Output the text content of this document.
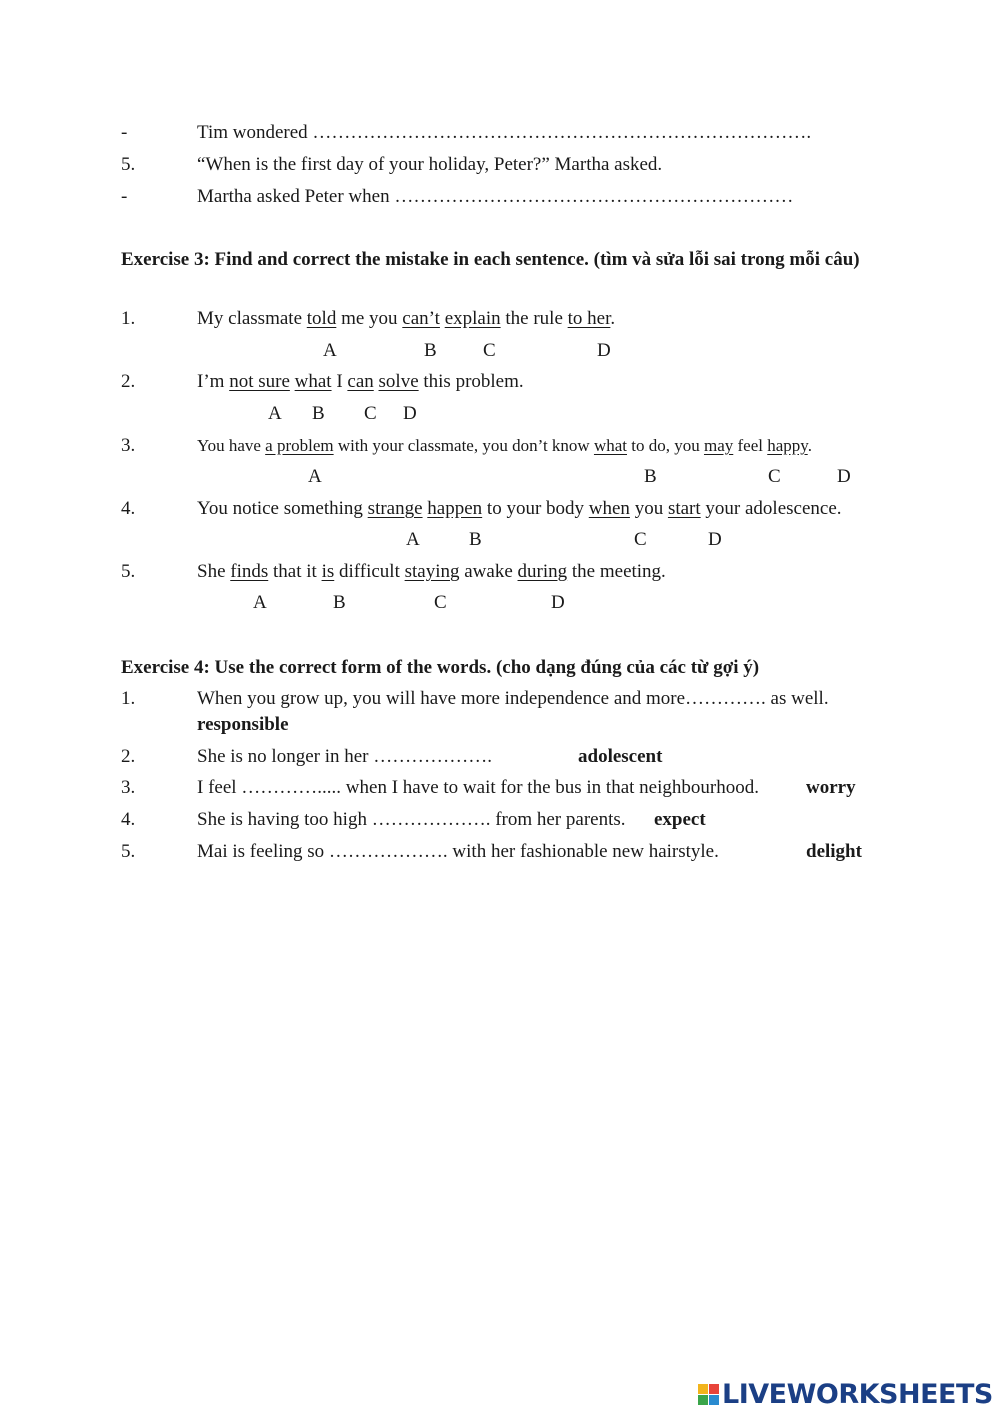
-	Tim wondered …………………………………………………………………….
5.	“When is the first day of your holiday, Peter?” Martha asked.
-	Martha asked Peter when ………………………………………………………
Exercise 3: Find and correct the mistake in each sentence. (tìm và sửa lỗi sai trong mỗi câu)
1.	My classmate told me you can’t explain the rule to her.
A	B C	D
2.	I’m not sure what I can solve this problem.
A B C D
3.	You have a problem with your classmate, you don’t know what to do, you may feel happy.
A	B	C	D
4.	You notice something strange happen to your body when you start your adolescence.
A	B	C	D
5.	She finds that it is difficult staying awake during the meeting.
A	B	C	D
Exercise 4: Use the correct form of the words. (cho dạng đúng của các từ gợi ý)
1.	When you grow up, you will have more independence and more…………. as well.
responsible
2.	She is no longer in her ……………….	adolescent
3.	I feel …………..... when I have to wait for the bus in that neighbourhood. worry
4.	She is having too high ………………. from her parents. expect
5.	Mai is feeling so ………………. with her fashionable new hairstyle.	delight
LIVEWORKSHEETS
